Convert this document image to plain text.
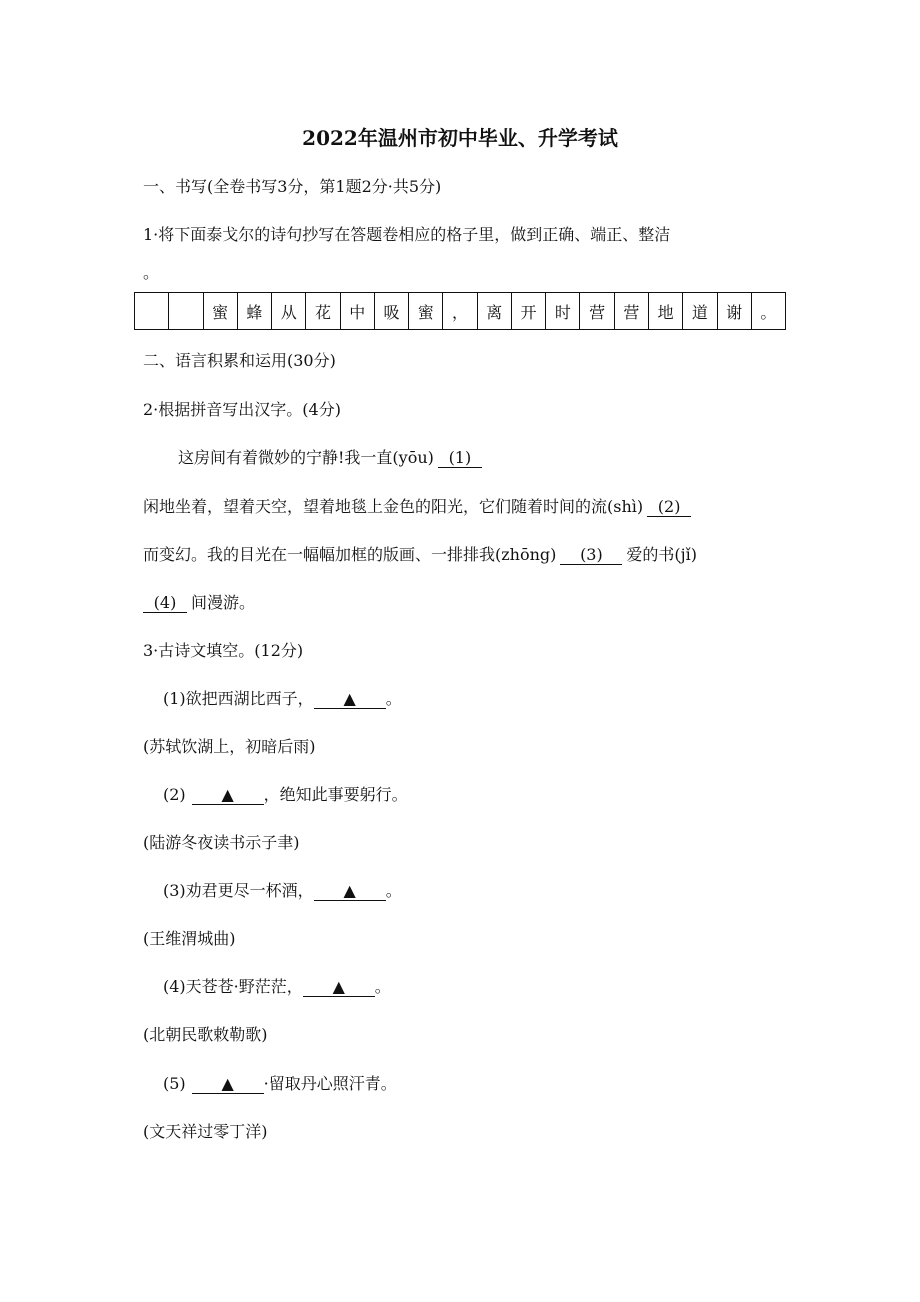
2022年温州市初中毕业、升学考试
一、书写(全卷书写3分，第1题2分·共5分)
1·将下面泰戈尔的诗句抄写在答题卷相应的格子里，做到正确、端正、整洁
。
蜜	蜂	从	花	中	吸	蜜	，	离	开	时	营	营	地	道	谢	。
二、语言积累和运用(30分)
2·根据拼音写出汉字。(4分)
这房间有着微妙的宁静!我一直(yōu) (1)
闲地坐着，望着天空，望着地毯上金色的阳光，它们随着时间的流(shì) (2)
而变幻。我的目光在一幅幅加框的版画、一排排我(zhōng) (3) 爱的书(jǐ)
(4) 间漫游。
3·古诗文填空。(12分)
(1)欲把西湖比西子， ▲ 。
(苏轼饮湖上，初暗后雨)
(2) ▲ ，绝知此事要躬行。
(陆游冬夜读书示子聿)
(3)劝君更尽一杯酒， ▲ 。
(王维渭城曲)
(4)天苍苍·野茫茫， ▲ 。
(北朝民歌敕勒歌)
(5) ▲ ·留取丹心照汗青。
(文天祥过零丁洋)
